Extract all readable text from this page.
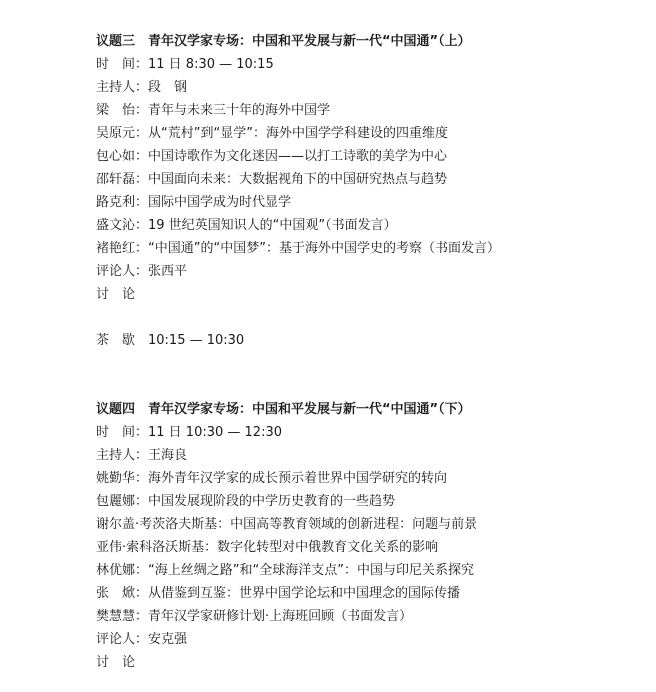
议题三　青年汉学家专场：中国和平发展与新一代“中国通”（上）
时　间：11 日 8:30 — 10:15
主持人：段　钢
梁　怡：青年与未来三十年的海外中国学
吴原元：从“荒村”到“显学”：海外中国学学科建设的四重维度
包心如：中国诗歌作为文化迷因——以打工诗歌的美学为中心
邵轩磊：中国面向未来：大数据视角下的中国研究热点与趋势
路克利：国际中国学成为时代显学
盛文沁：19 世纪英国知识人的“中国观”（书面发言）
褚艳红：“中国通”的“中国梦”：基于海外中国学史的考察（书面发言）
评论人：张西平
讨　论
茶　歇　10:15 — 10:30
议题四　青年汉学家专场：中国和平发展与新一代“中国通”（下）
时　间：11 日 10:30 — 12:30
主持人：王海良
姚勤华：海外青年汉学家的成长预示着世界中国学研究的转向
包麗娜：中国发展现阶段的中学历史教育的一些趋势
谢尔盖·考茨洛夫斯基：中国高等教育领域的创新进程：问题与前景
亚伟·索科洛沃斯基：数字化转型对中俄教育文化关系的影响
林优娜：“海上丝绸之路”和“全球海洋支点”：中国与印尼关系探究
张　焮：从借鉴到互鉴：世界中国学论坛和中国理念的国际传播
樊慧慧：青年汉学家研修计划·上海班回顾（书面发言）
评论人：安克强
讨　论
